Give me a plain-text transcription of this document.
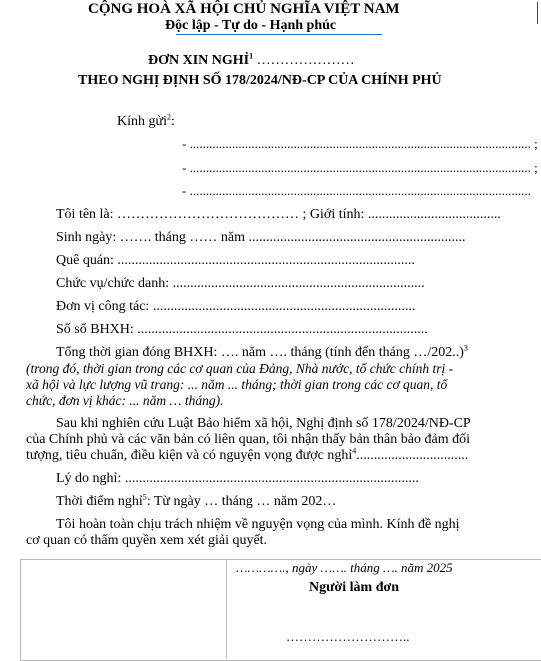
CỘNG HOÀ XÃ HỘI CHỦ NGHĨA VIỆT NAM
Độc lập - Tự do - Hạnh phúc
ĐƠN XIN NGHỈ$^1$ …………………
THEO NGHỊ ĐỊNH SỐ 178/2024/NĐ-CP CỦA CHÍNH PHỦ
Kính gửi$^2$:
- ......................................................................................................... ;
- ......................................................................................................... ;
- .........................................................................................................
Tôi tên là: ………………………………… ; Giới tính: ......................................
Sinh ngày: ……. tháng …… năm ..............................................................
Quê quán: .....................................................................................
Chức vụ/chức danh: ........................................................................
Đơn vị công tác: ...........................................................................
Số sổ BHXH: ...................................................................................
Tổng thời gian đóng BHXH: …. năm …. tháng (tính đến tháng …/202..)$^3$
(trong đó, thời gian trong các cơ quan của Đảng, Nhà nước, tổ chức chính trị -
xã hội và lực lượng vũ trang: ... năm ... tháng; thời gian trong các cơ quan, tổ
chức, đơn vị khác: ... năm … tháng).
Sau khi nghiên cứu Luật Bảo hiểm xã hội, Nghị định số 178/2024/NĐ-CP
của Chính phủ và các văn bản có liên quan, tôi nhận thấy bản thân bảo đảm đối
tượng, tiêu chuẩn, điều kiện và có nguyện vọng được nghỉ$^4$................................
Lý do nghỉ: ....................................................................................
Thời điểm nghỉ$^5$: Từ ngày … tháng … năm 202…
Tôi hoàn toàn chịu trách nhiệm về nguyện vọng của mình. Kính đề nghị
cơ quan có thẩm quyền xem xét giải quyết.
…………., ngày ……. tháng …. năm 2025
Người làm đơn
………………………..
